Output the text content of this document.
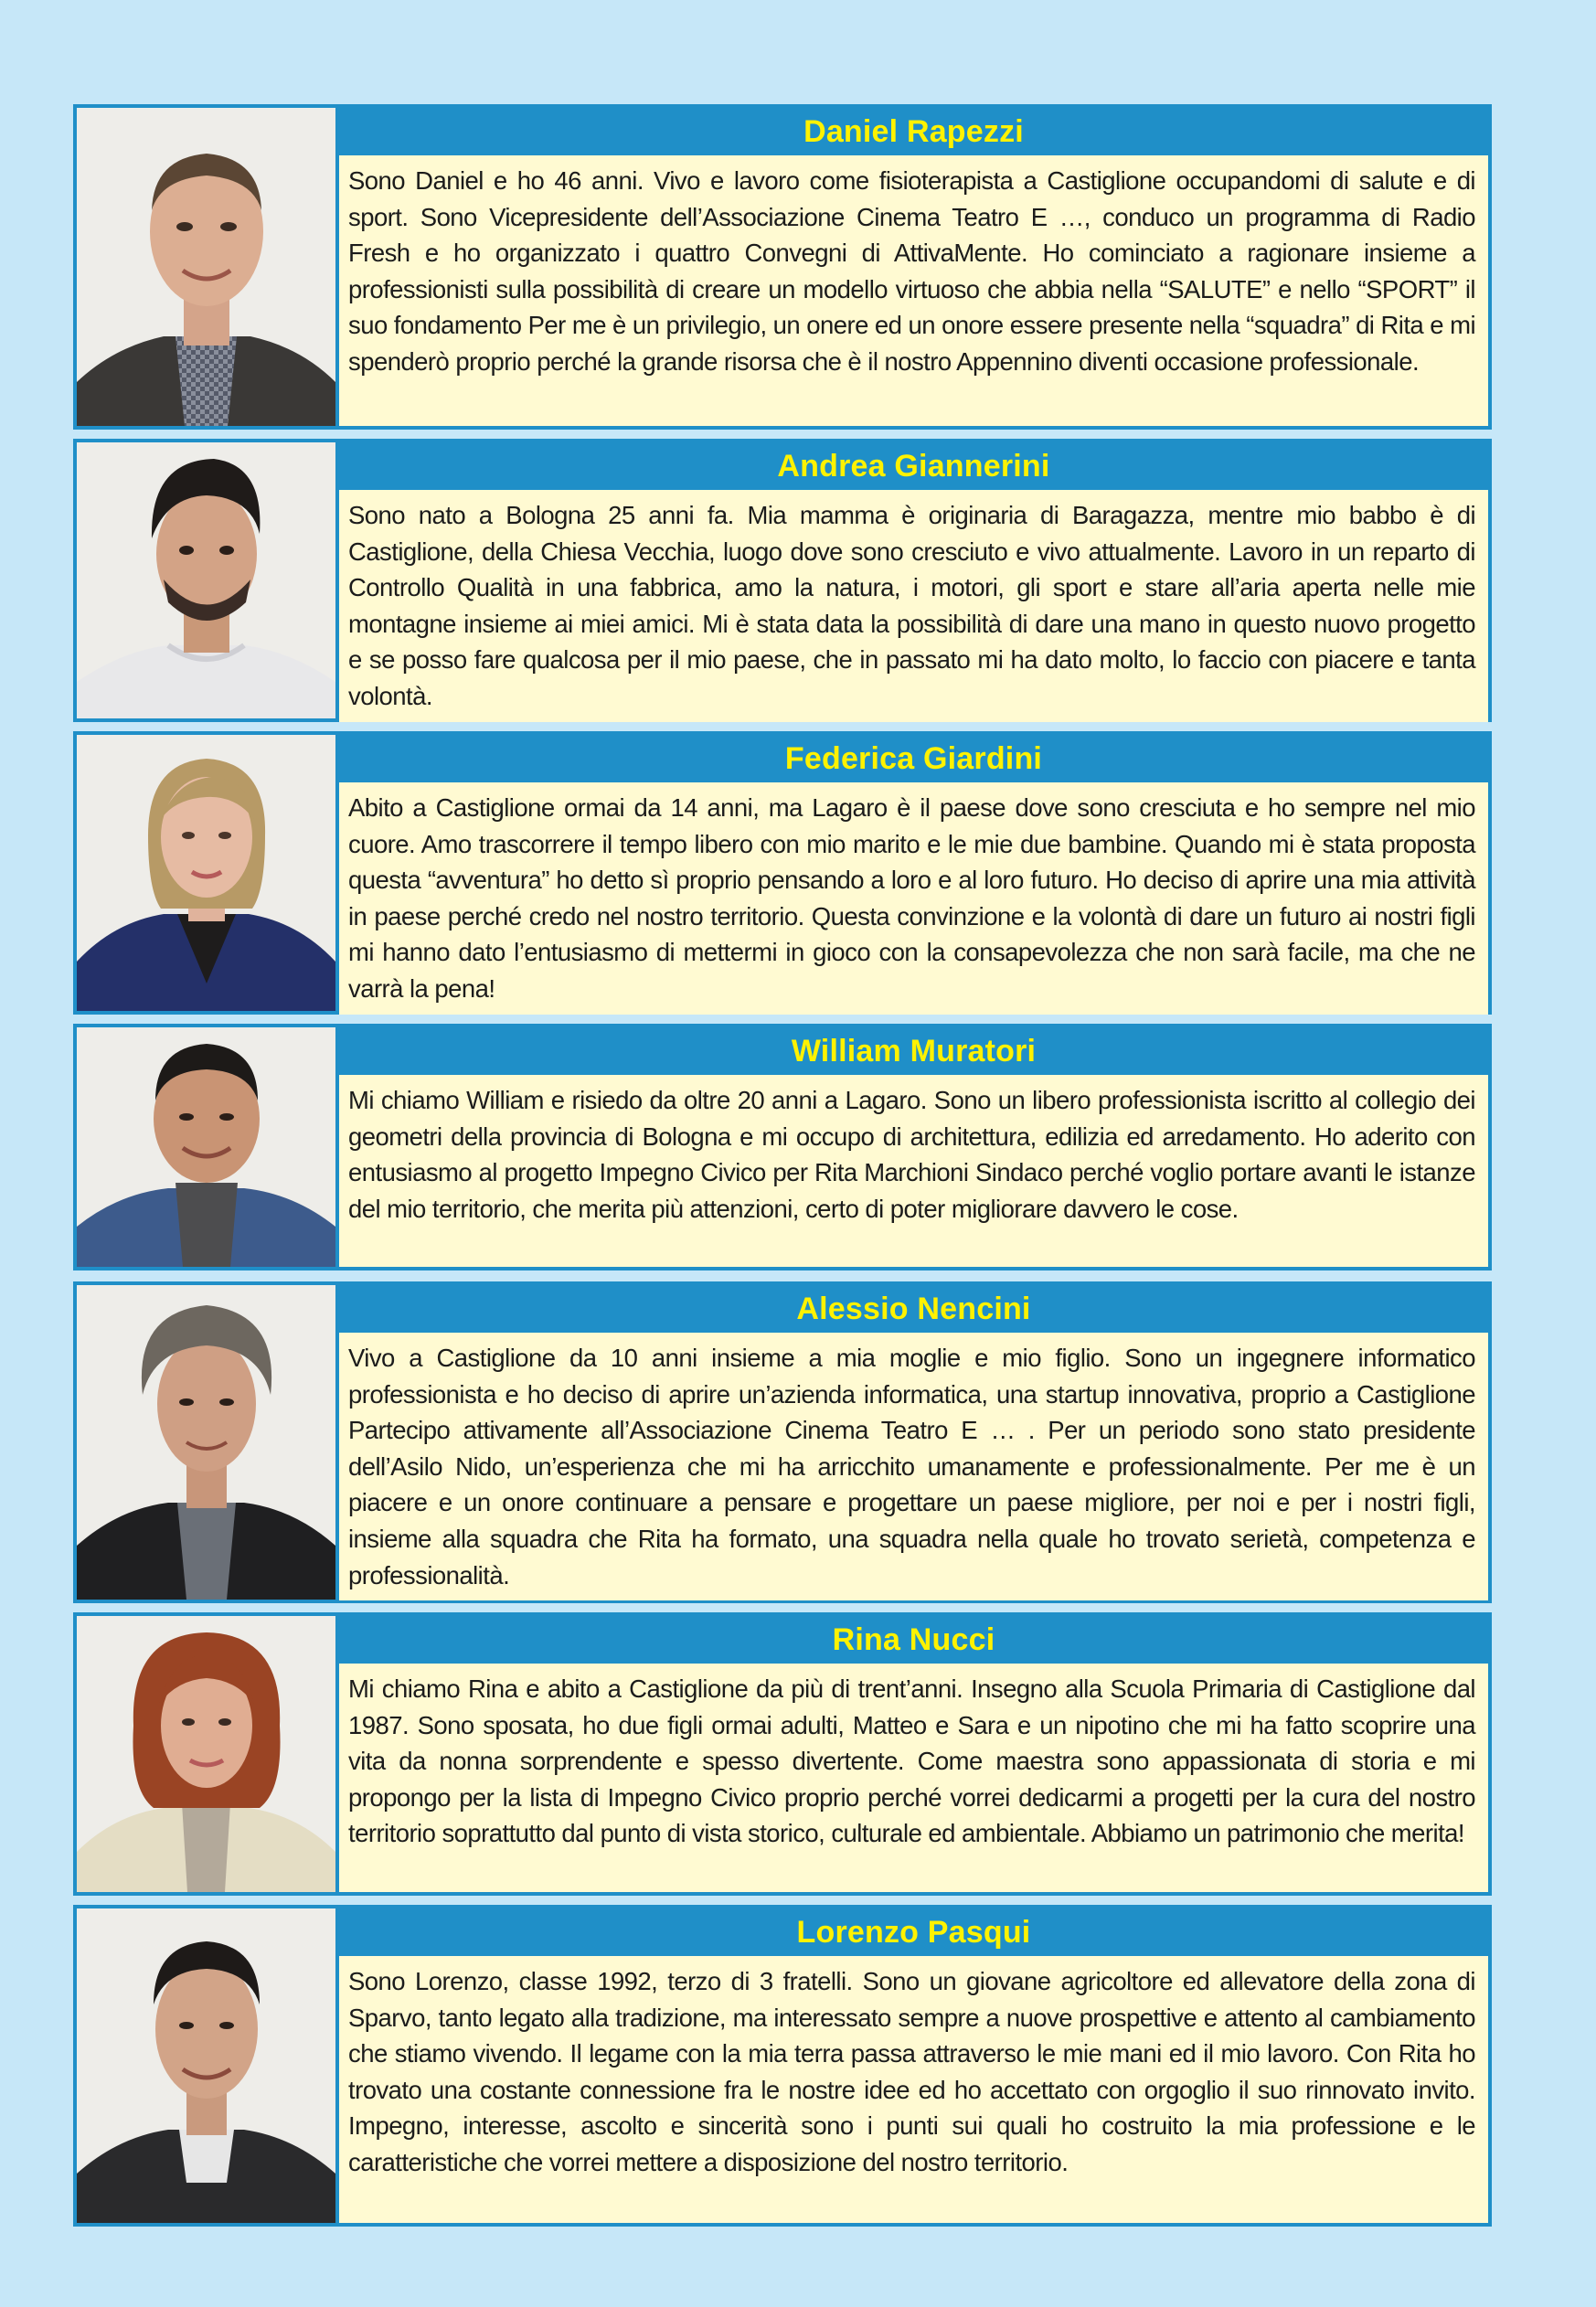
Daniel Rapezzi
Sono Daniel e ho 46 anni. Vivo e lavoro come fisioterapista a Castiglione occupandomi di salute e di sport. Sono Vicepresidente dell’Associazione Cinema Teatro E …, conduco un programma di Radio Fresh e ho organizzato i quattro Convegni di AttivaMente. Ho cominciato a ragionare insieme a professionisti sulla possibilità di creare un modello virtuoso che abbia nella “SALUTE” e nello “SPORT” il suo fondamento Per me è un privilegio, un onere ed un onore essere presente nella “squadra” di Rita e mi spenderò proprio perché la grande risorsa che è il nostro Appennino diventi occasione professionale.
Andrea Giannerini
Sono nato a Bologna 25 anni fa. Mia mamma è originaria di Baragazza, mentre mio babbo è di Castiglione, della Chiesa Vecchia, luogo dove sono cresciuto e vivo attualmente. Lavoro in un reparto di Controllo Qualità in una fabbrica, amo la natura, i motori, gli sport e stare all’aria aperta nelle mie montagne insieme ai miei amici. Mi è stata data la possibilità di dare una mano in questo nuovo progetto e se posso fare qualcosa per il mio paese, che in passato mi ha dato molto, lo faccio con piacere e tanta volontà.
Federica Giardini
Abito a Castiglione ormai da 14 anni, ma Lagaro è il paese dove sono cresciuta e ho sempre nel mio cuore. Amo trascorrere il tempo libero con mio marito e le mie due bambine. Quando mi è stata proposta questa “avventura” ho detto sì proprio pensando a loro e al loro futuro. Ho deciso di aprire una mia attività in paese perché credo nel nostro territorio. Questa convinzione e la volontà di dare un futuro ai nostri figli mi hanno dato l’entusiasmo di mettermi in gioco con la consapevolezza che non sarà facile, ma che ne varrà la pena!
William Muratori
Mi chiamo William e risiedo da oltre 20 anni a Lagaro. Sono un libero professionista iscritto al collegio dei geometri della provincia di Bologna e mi occupo di architettura, edilizia ed arredamento. Ho aderito con entusiasmo al progetto Impegno Civico per Rita Marchioni Sindaco perché voglio portare avanti le istanze del mio territorio, che merita più attenzioni, certo di poter migliorare davvero le cose.
Alessio Nencini
Vivo a Castiglione da 10 anni insieme a mia moglie e mio figlio. Sono un ingegnere informatico professionista e ho deciso di aprire un’azienda informatica, una startup innovativa, proprio a Castiglione Partecipo attivamente all’Associazione Cinema Teatro E … . Per un periodo sono stato presidente dell’Asilo Nido, un’esperienza che mi ha arricchito umanamente e professionalmente. Per me è un piacere e un onore continuare a pensare e progettare un paese migliore, per noi e per i nostri figli, insieme alla squadra che Rita ha formato, una squadra nella quale ho trovato serietà, competenza e professionalità.
Rina Nucci
Mi chiamo Rina e abito a Castiglione da più di trent’anni. Insegno alla Scuola Primaria di Castiglione dal 1987. Sono sposata, ho due figli ormai adulti, Matteo e Sara e un nipotino che mi ha fatto scoprire una vita da nonna sorprendente e spesso divertente. Come maestra sono appassionata di storia e mi propongo per la lista di Impegno Civico proprio perché vorrei dedicarmi a progetti per la cura del nostro territorio soprattutto dal punto di vista storico, culturale ed ambientale. Abbiamo un patrimonio che merita!
Lorenzo Pasqui
Sono Lorenzo, classe 1992, terzo di 3 fratelli. Sono un giovane agricoltore ed allevatore della zona di Sparvo, tanto legato alla tradizione, ma interessato sempre a nuove prospettive e attento al cambiamento che stiamo vivendo. Il legame con la mia terra passa attraverso le mie mani ed il mio lavoro. Con Rita ho trovato una costante connessione fra le nostre idee ed ho accettato con orgoglio il suo rinnovato invito. Impegno, interesse, ascolto e sincerità sono i punti sui quali ho costruito la mia professione e le caratteristiche che vorrei mettere a disposizione del nostro territorio.
